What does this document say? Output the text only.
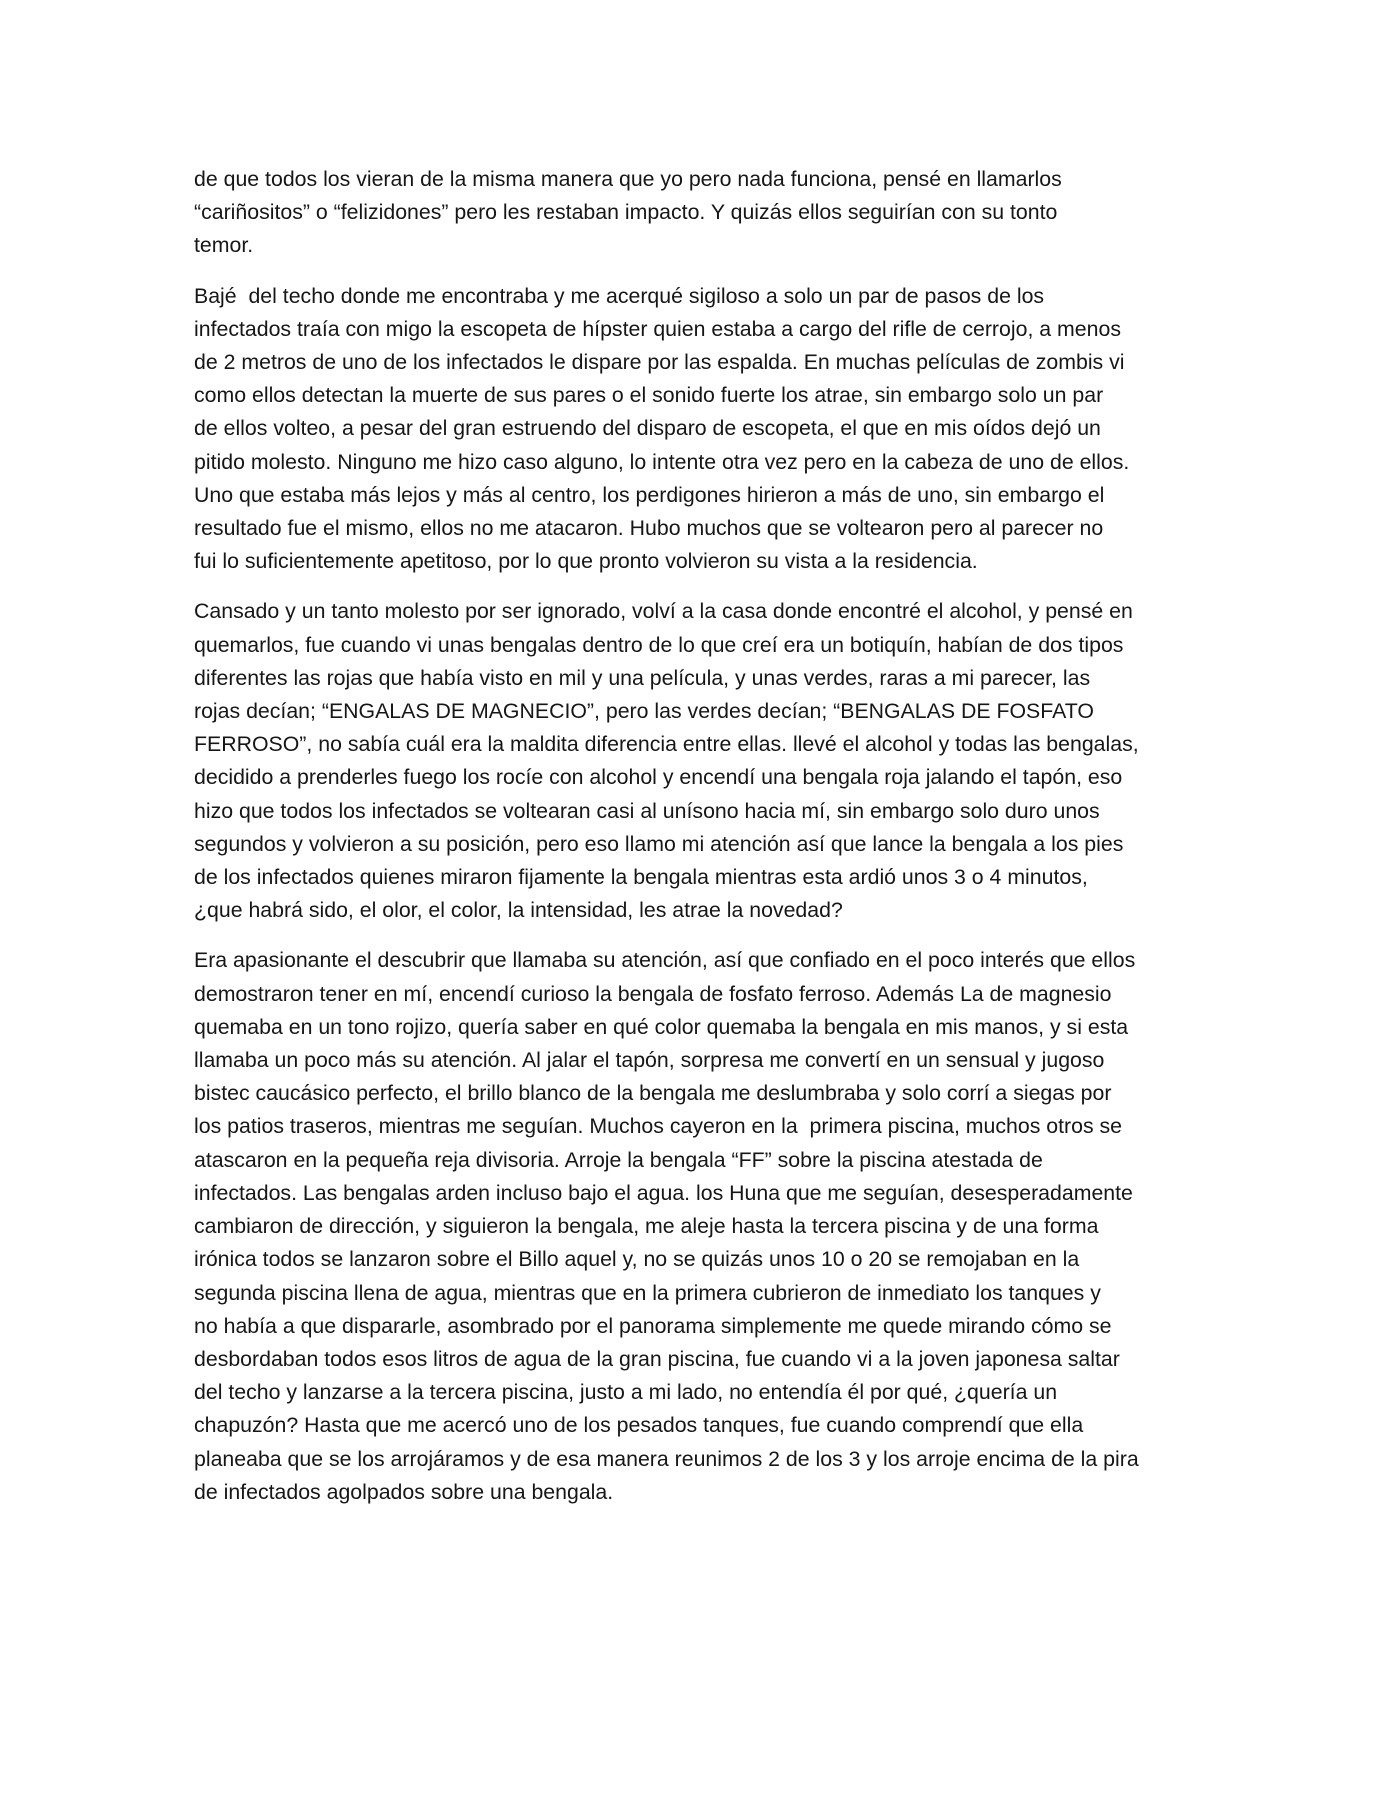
de que todos los vieran de la misma manera que yo pero nada funciona, pensé en llamarlos
“cariñositos” o “felizidones” pero les restaban impacto. Y quizás ellos seguirían con su tonto
temor.

Bajé  del techo donde me encontraba y me acerqué sigiloso a solo un par de pasos de los
infectados traía con migo la escopeta de hípster quien estaba a cargo del rifle de cerrojo, a menos
de 2 metros de uno de los infectados le dispare por las espalda. En muchas películas de zombis vi
como ellos detectan la muerte de sus pares o el sonido fuerte los atrae, sin embargo solo un par
de ellos volteo, a pesar del gran estruendo del disparo de escopeta, el que en mis oídos dejó un
pitido molesto. Ninguno me hizo caso alguno, lo intente otra vez pero en la cabeza de uno de ellos.
Uno que estaba más lejos y más al centro, los perdigones hirieron a más de uno, sin embargo el
resultado fue el mismo, ellos no me atacaron. Hubo muchos que se voltearon pero al parecer no
fui lo suficientemente apetitoso, por lo que pronto volvieron su vista a la residencia.

Cansado y un tanto molesto por ser ignorado, volví a la casa donde encontré el alcohol, y pensé en
quemarlos, fue cuando vi unas bengalas dentro de lo que creí era un botiquín, habían de dos tipos
diferentes las rojas que había visto en mil y una película, y unas verdes, raras a mi parecer, las
rojas decían; “ENGALAS DE MAGNECIO”, pero las verdes decían; “BENGALAS DE FOSFATO
FERROSO”, no sabía cuál era la maldita diferencia entre ellas. llevé el alcohol y todas las bengalas,
decidido a prenderles fuego los rocíe con alcohol y encendí una bengala roja jalando el tapón, eso
hizo que todos los infectados se voltearan casi al unísono hacia mí, sin embargo solo duro unos
segundos y volvieron a su posición, pero eso llamo mi atención así que lance la bengala a los pies
de los infectados quienes miraron fijamente la bengala mientras esta ardió unos 3 o 4 minutos,
¿que habrá sido, el olor, el color, la intensidad, les atrae la novedad?

Era apasionante el descubrir que llamaba su atención, así que confiado en el poco interés que ellos
demostraron tener en mí, encendí curioso la bengala de fosfato ferroso. Además La de magnesio
quemaba en un tono rojizo, quería saber en qué color quemaba la bengala en mis manos, y si esta
llamaba un poco más su atención. Al jalar el tapón, sorpresa me convertí en un sensual y jugoso
bistec caucásico perfecto, el brillo blanco de la bengala me deslumbraba y solo corrí a siegas por
los patios traseros, mientras me seguían. Muchos cayeron en la  primera piscina, muchos otros se
atascaron en la pequeña reja divisoria. Arroje la bengala “FF” sobre la piscina atestada de
infectados. Las bengalas arden incluso bajo el agua. los Huna que me seguían, desesperadamente
cambiaron de dirección, y siguieron la bengala, me aleje hasta la tercera piscina y de una forma
irónica todos se lanzaron sobre el Billo aquel y, no se quizás unos 10 o 20 se remojaban en la
segunda piscina llena de agua, mientras que en la primera cubrieron de inmediato los tanques y
no había a que dispararle, asombrado por el panorama simplemente me quede mirando cómo se
desbordaban todos esos litros de agua de la gran piscina, fue cuando vi a la joven japonesa saltar
del techo y lanzarse a la tercera piscina, justo a mi lado, no entendía él por qué, ¿quería un
chapuzón? Hasta que me acercó uno de los pesados tanques, fue cuando comprendí que ella
planeaba que se los arrojáramos y de esa manera reunimos 2 de los 3 y los arroje encima de la pira
de infectados agolpados sobre una bengala.
